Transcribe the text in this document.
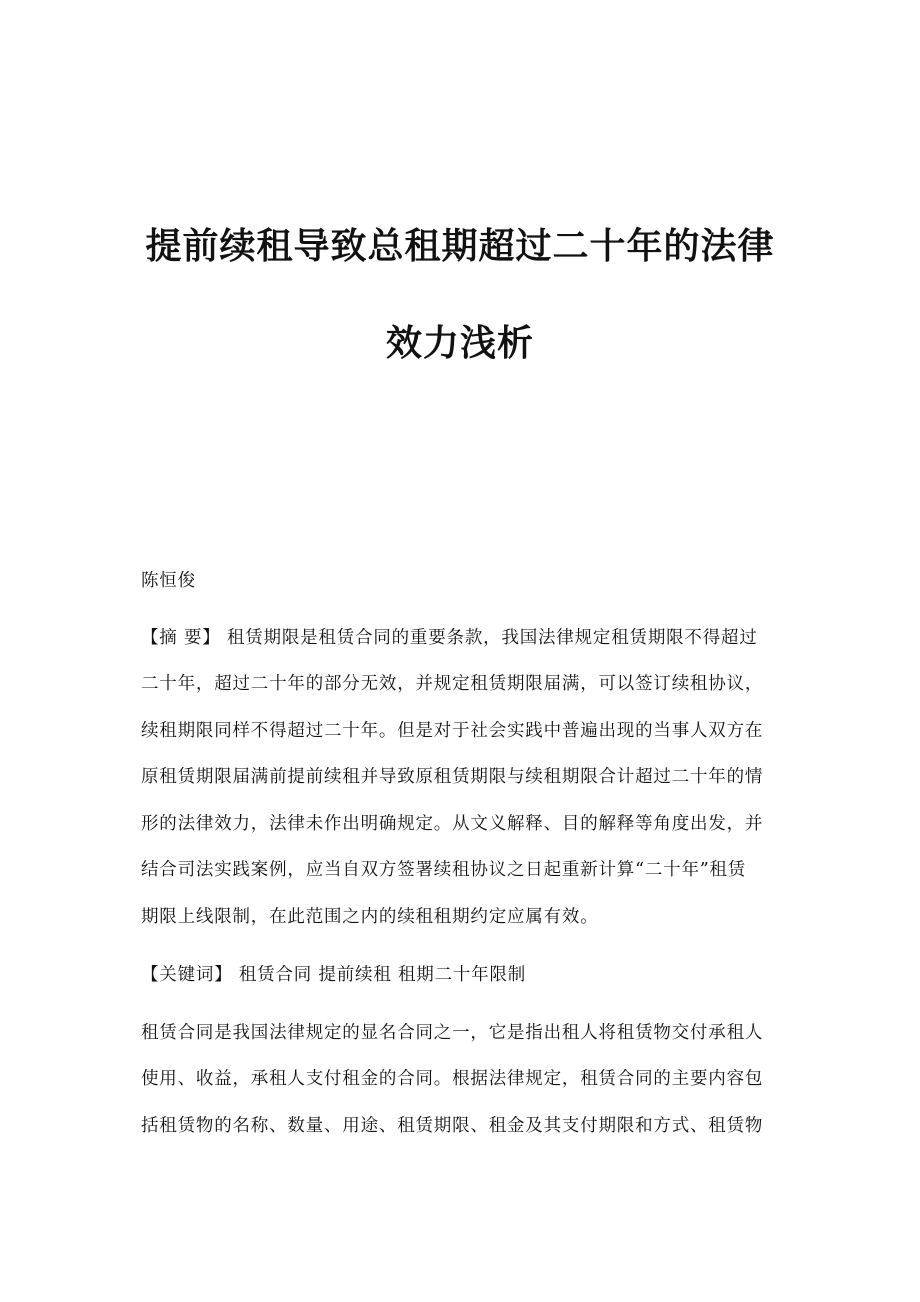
提前续租导致总租期超过二十年的法律
效力浅析
陈恒俊
【摘 要】 租赁期限是租赁合同的重要条款，我国法律规定租赁期限不得超过
二十年，超过二十年的部分无效，并规定租赁期限届满，可以签订续租协议，
续租期限同样不得超过二十年。但是对于社会实践中普遍出现的当事人双方在
原租赁期限届满前提前续租并导致原租赁期限与续租期限合计超过二十年的情
形的法律效力，法律未作出明确规定。从文义解释、目的解释等角度出发，并
结合司法实践案例，应当自双方签署续租协议之日起重新计算“二十年”租赁
期限上线限制，在此范围之内的续租租期约定应属有效。
【关键词】 租赁合同 提前续租 租期二十年限制
租赁合同是我国法律规定的显名合同之一，它是指出租人将租赁物交付承租人
使用、收益，承租人支付租金的合同。根据法律规定，租赁合同的主要内容包
括租赁物的名称、数量、用途、租赁期限、租金及其支付期限和方式、租赁物
